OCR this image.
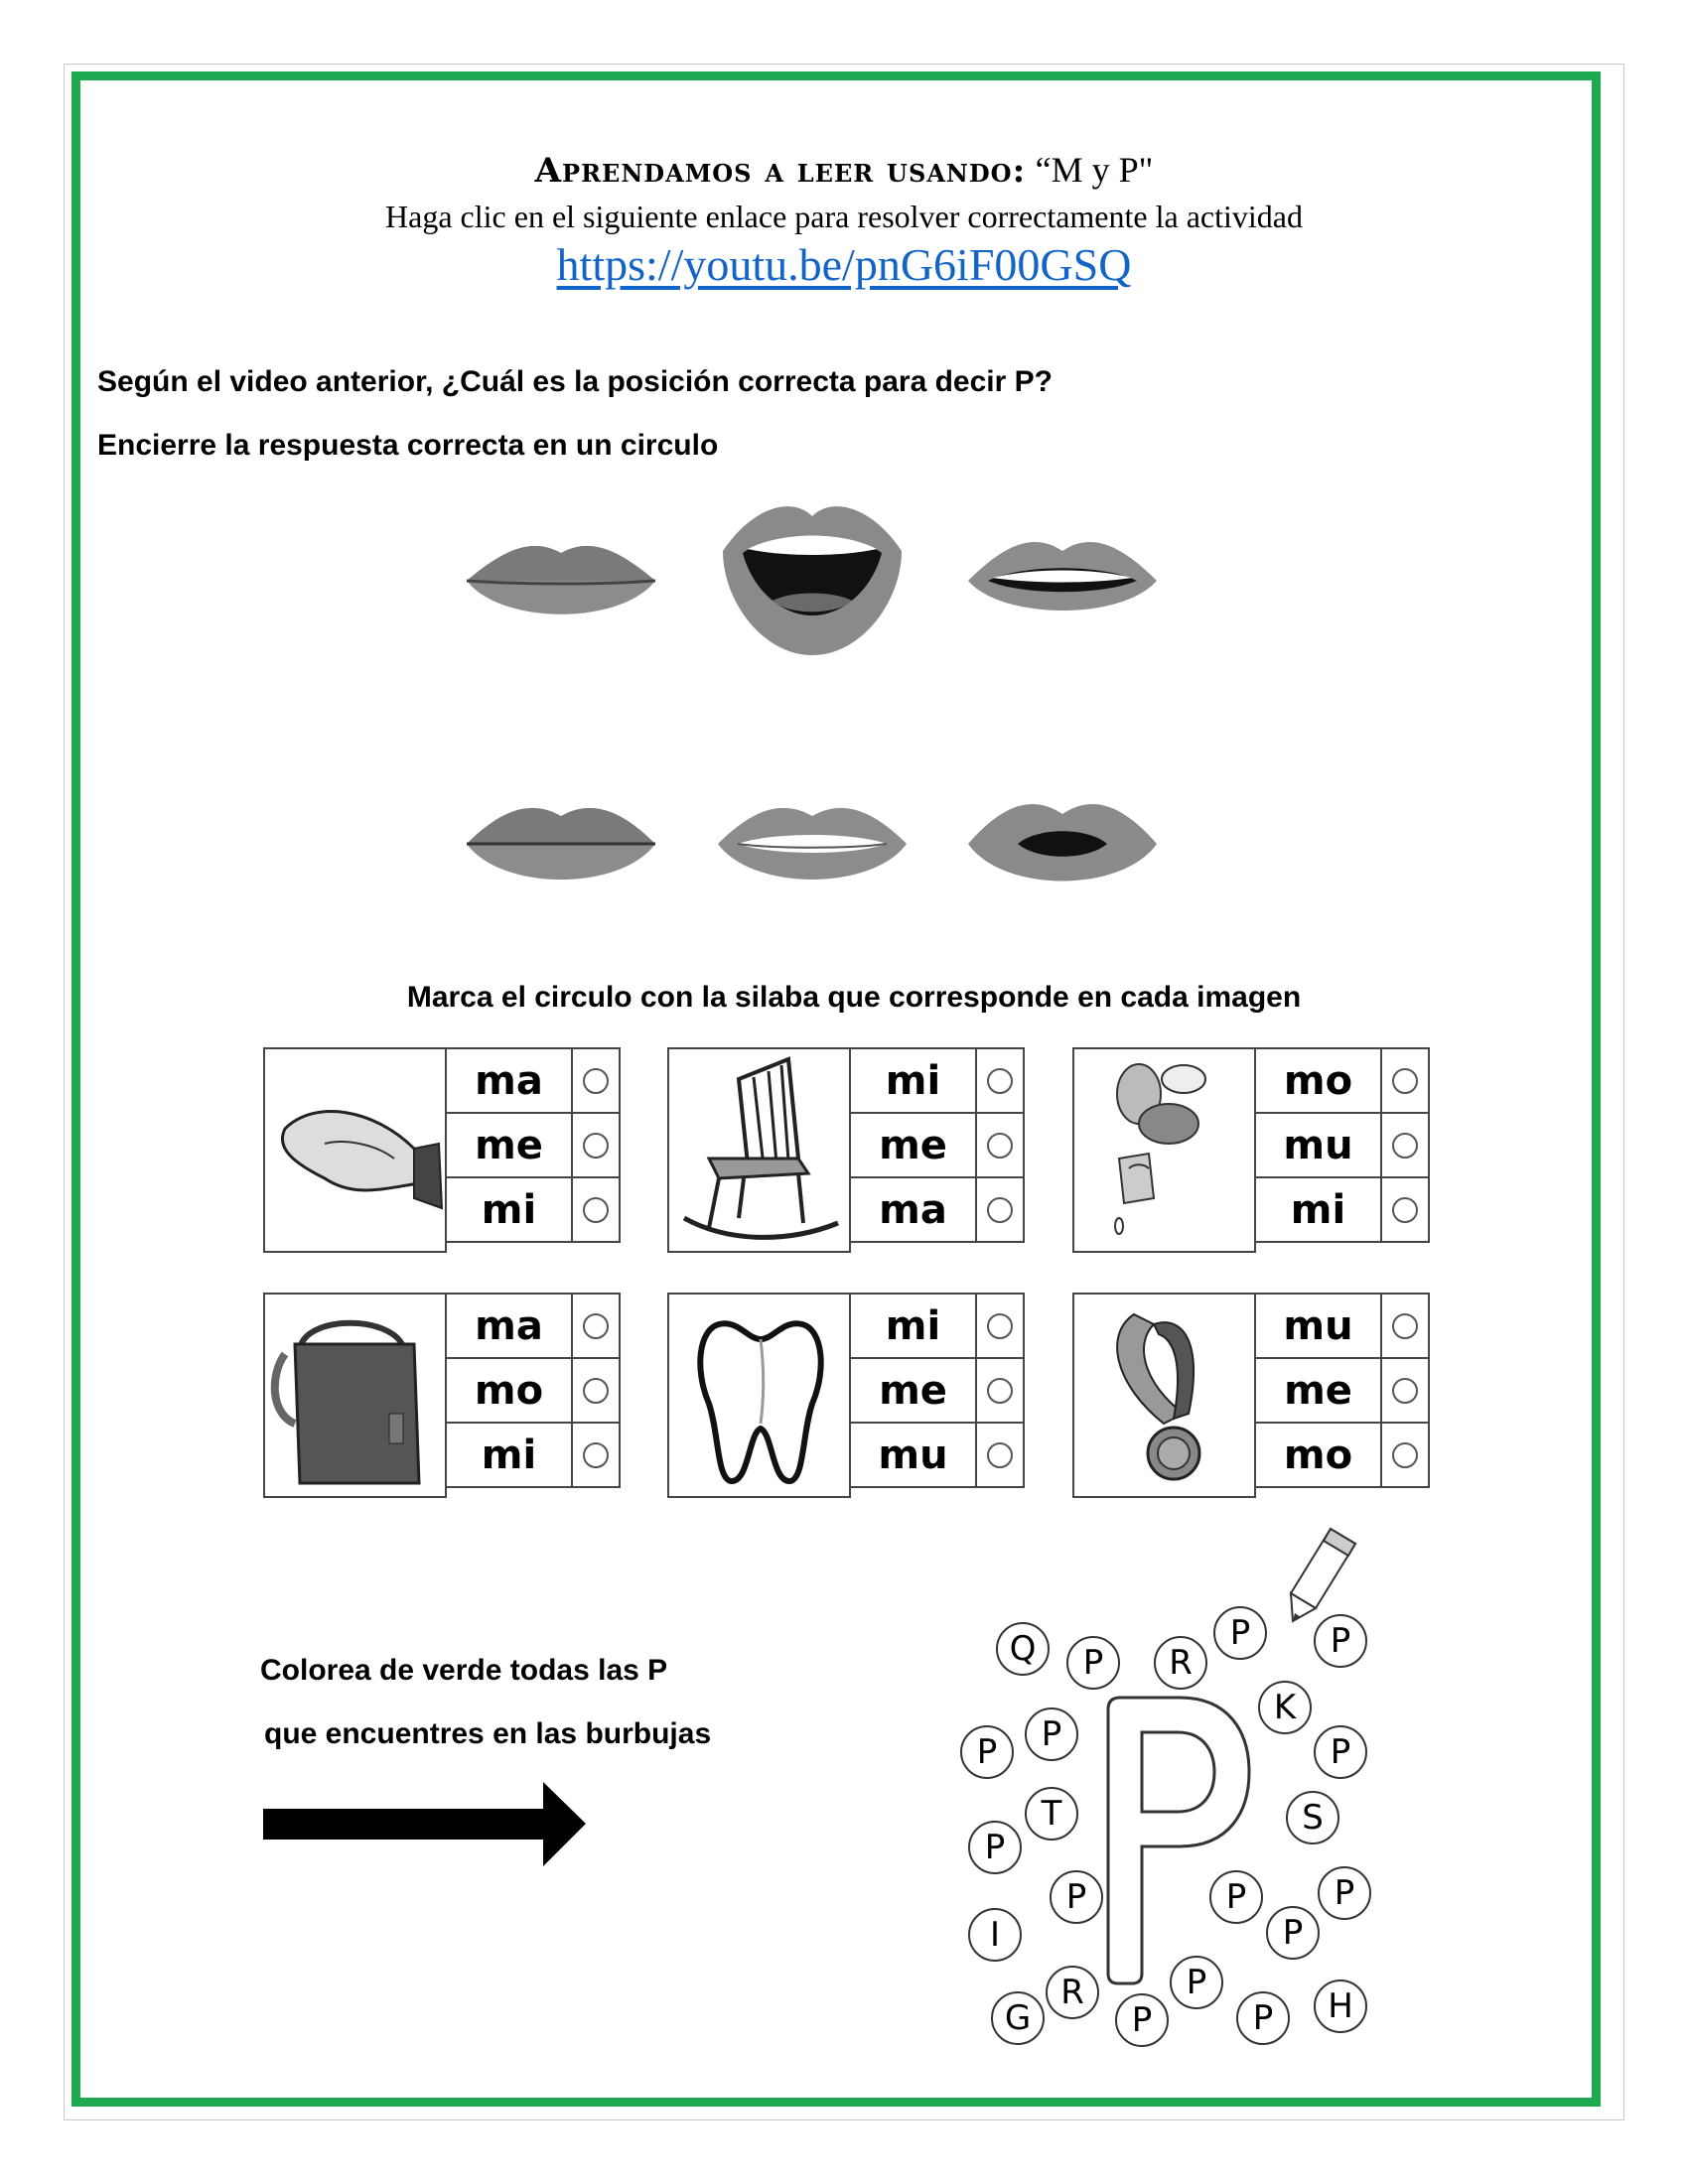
Aprendamos a leer usando: “M y P"
Haga clic en el siguiente enlace para resolver correctamente la actividad
https://youtu.be/pnG6iF00GSQ
Según el video anterior, ¿Cuál es la posición correcta para decir P?
Encierre la respuesta correcta en un circulo
Marca el circulo con la silaba que corresponde en cada imagen
ma	
me	
mi	
mi	
me	
ma	
mo	
mu	
mi	
ma	
mo	
mi	
mi	
me	
mu	
mu	
me	
mo	
Colorea de verde todas las P
que encuentres en las burbujas
Q	P	R
P	P
K
P	P	P
T	S
P
P
P	P
I	P
P
R
G	P	P	H
